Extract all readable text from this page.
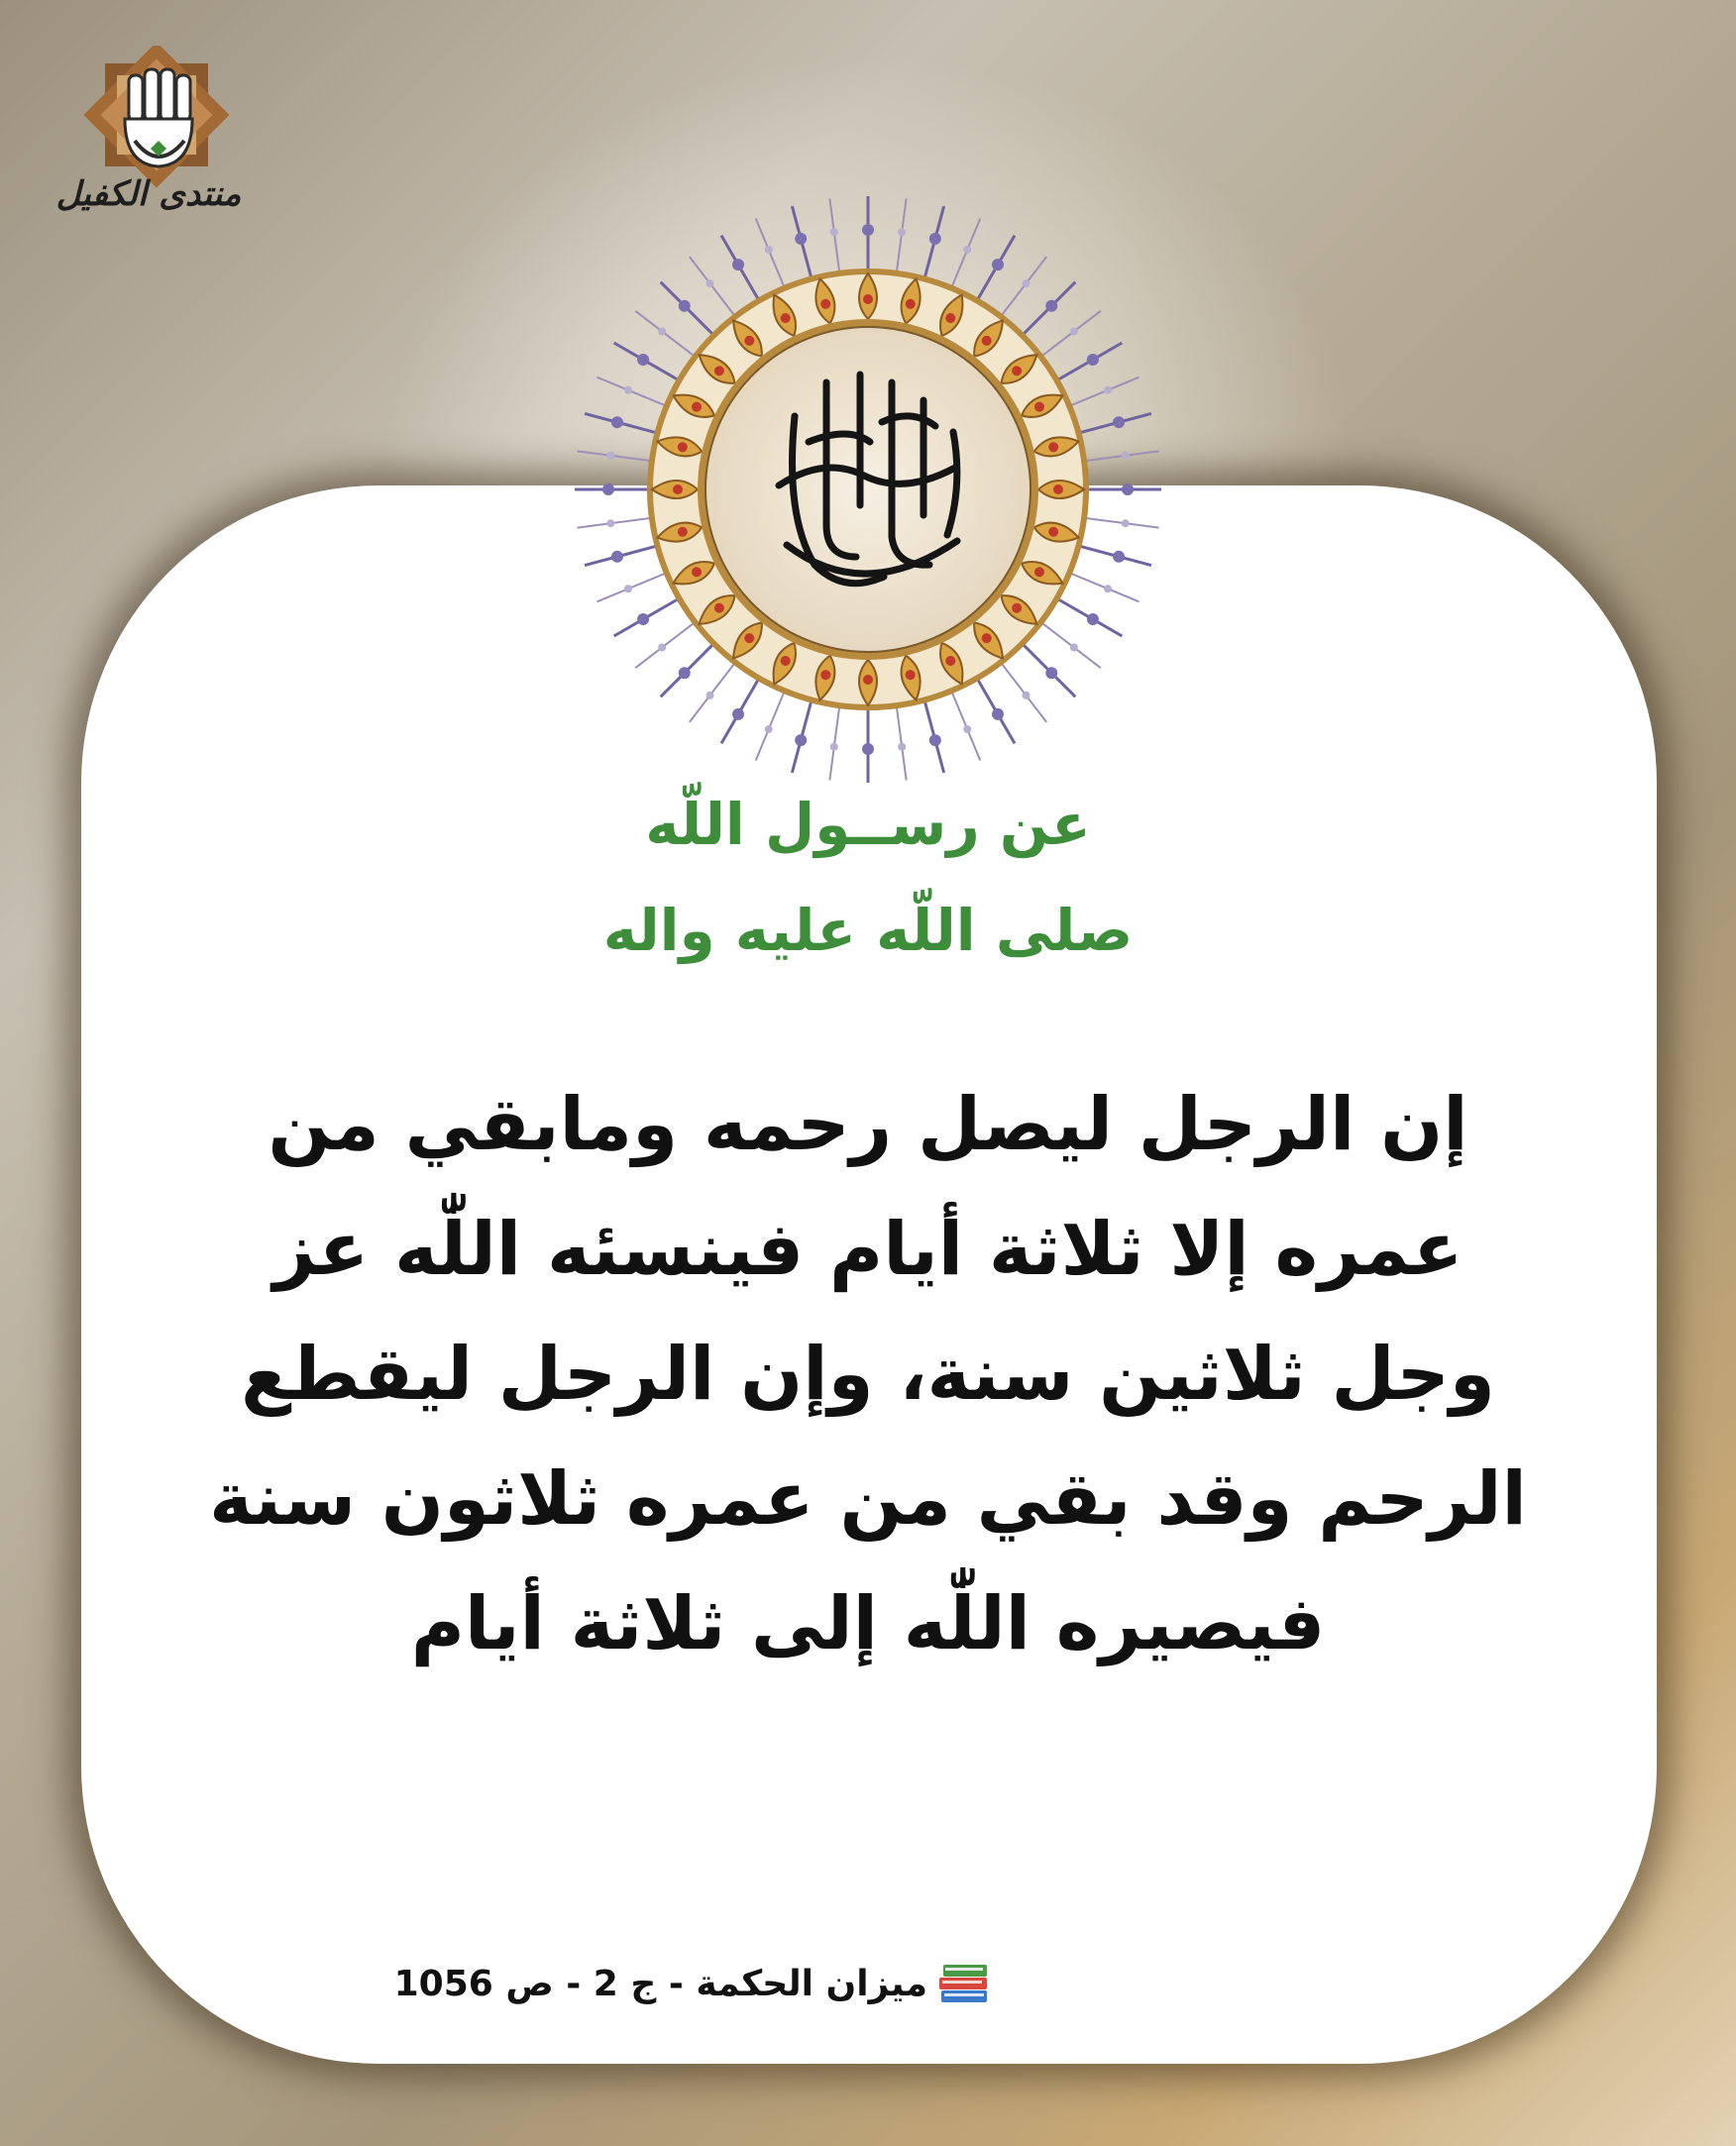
منتدى الكفيل
عن رســول اللّه
صلى اللّه عليه واله
إن الرجل ليصل رحمه ومابقي من
عمره إلا ثلاثة أيام فينسئه اللّٰه عز
وجل ثلاثين سنة، وإن الرجل ليقطع
الرحم وقد بقي من عمره ثلاثون سنة
فيصيره اللّٰه إلى ثلاثة أيام
ميزان الحكمة - ج 2 - ص 1056
